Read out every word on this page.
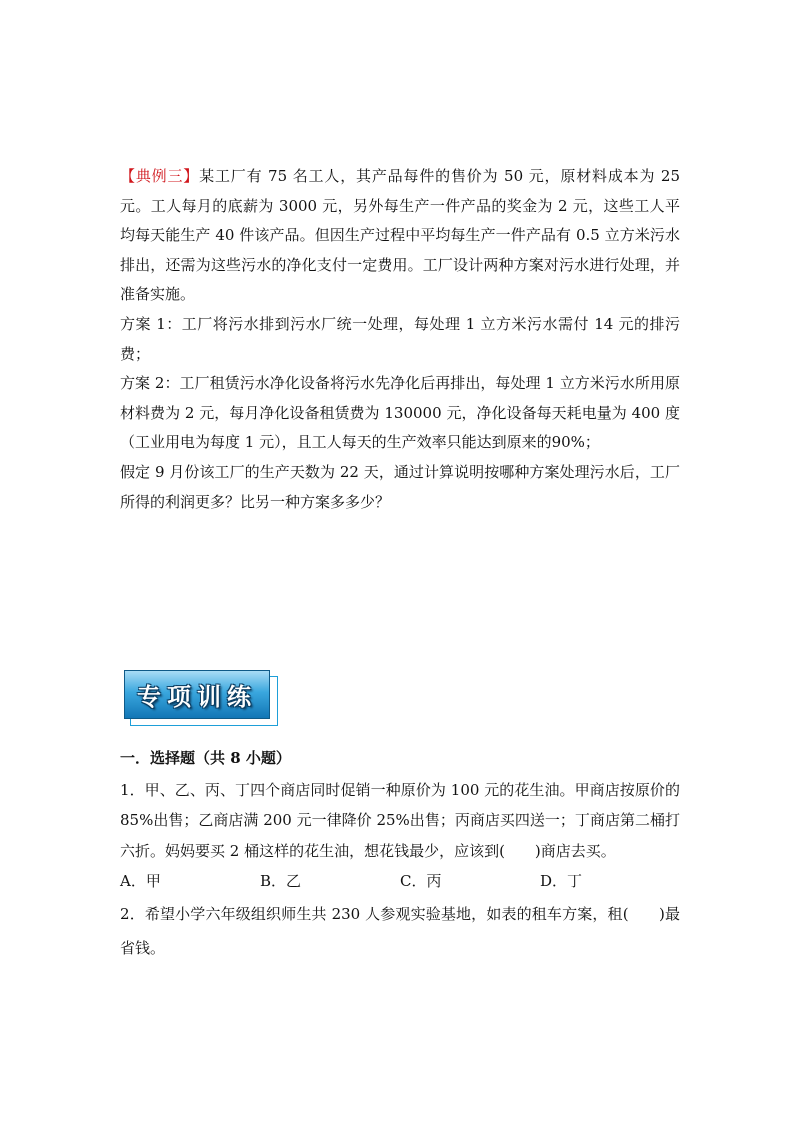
【典例三】某工厂有 75 名工人，其产品每件的售价为 50 元，原材料成本为 25 元。工人每月的底薪为 3000 元，另外每生产一件产品的奖金为 2 元，这些工人平均每天能生产 40 件该产品。但因生产过程中平均每生产一件产品有 0.5 立方米污水排出，还需为这些污水的净化支付一定费用。工厂设计两种方案对污水进行处理，并准备实施。

方案 1：工厂将污水排到污水厂统一处理，每处理 1 立方米污水需付 14 元的排污费；

方案 2：工厂租赁污水净化设备将污水先净化后再排出，每处理 1 立方米污水所用原材料费为 2 元，每月净化设备租赁费为 130000 元，净化设备每天耗电量为 400 度（工业用电为每度 1 元），且工人每天的生产效率只能达到原来的90%；

假定 9 月份该工厂的生产天数为 22 天，通过计算说明按哪种方案处理污水后，工厂所得的利润更多？比另一种方案多多少？

专项训练

一．选择题（共 8 小题）

1．甲、乙、丙、丁四个商店同时促销一种原价为 100 元的花生油。甲商店按原价的85%出售；乙商店满 200 元一律降价 25%出售；丙商店买四送一；丁商店第二桶打六折。妈妈要买 2 桶这样的花生油，想花钱最少，应该到(　　)商店去买。

A．甲	B．乙	C．丙	D．丁

2．希望小学六年级组织师生共 230 人参观实验基地，如表的租车方案，租(　　)最省钱。
